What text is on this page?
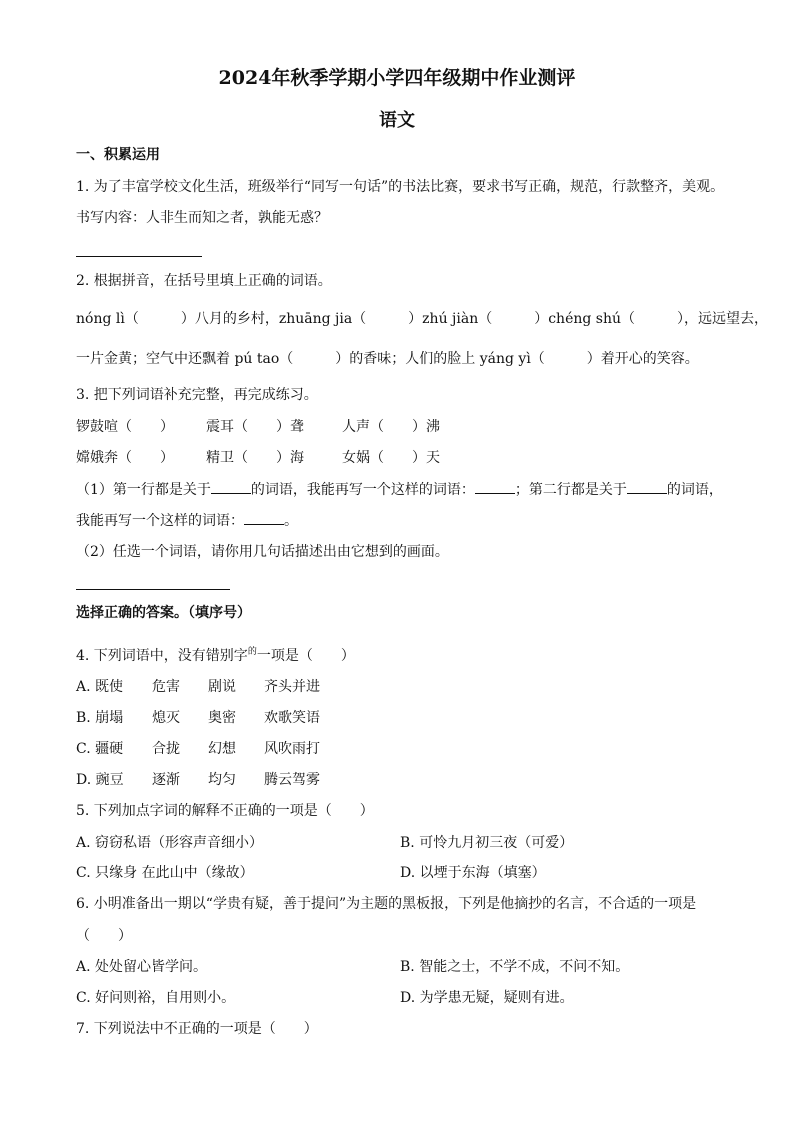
2024年秋季学期小学四年级期中作业测评
语文
一、积累运用
1. 为了丰富学校文化生活，班级举行“同写一句话”的书法比赛，要求书写正确，规范，行款整齐，美观。
书写内容：人非生而知之者，孰能无惑？
2. 根据拼音，在括号里填上正确的词语。
nóng lì（　　　）八月的乡村，zhuāng jia（　　　）zhú jiàn（　　　）chéng shú（　　　），远远望去，
一片金黄；空气中还飘着 pú tao（　　　）的香味；人们的脸上 yáng yì（　　　）着开心的笑容。
3. 把下列词语补充完整，再完成练习。
锣鼓喧（　　） 震耳（　　）聋	人声（　　）沸
嫦娥奔（　　） 精卫（　　）海	女娲（　　）天
（1）第一行都是关于	的词语，我能再写一个这样的词语：	；第二行都是关于	的词语，
我能再写一个这样的词语：	。
（2）任选一个词语，请你用几句话描述出由它想到的画面。
选择正确的答案。（填序号）
4. 下列词语中，没有错别字$^的$一项是（　　）
A. 既使 危害 剧说 齐头并进
B. 崩塌 熄灭 奥密 欢歌笑语
C. 疆硬 合拢 幻想 风吹雨打
D. 豌豆 逐渐 均匀 腾云驾雾
5. 下列加点字词的解释不正确的一项是（　　）
A. 窃窃私语（形容声音细小）	B. 可怜九月初三夜（可爱）
C. 只缘身 在此山中（缘故）	D. 以堙于东海（填塞）
6. 小明准备出一期以“学贵有疑，善于提问”为主题的黑板报，下列是他摘抄的名言，不合适的一项是
（　　）
A. 处处留心皆学问。	B. 智能之士，不学不成，不问不知。
C. 好问则裕，自用则小。	D. 为学患无疑，疑则有进。
7. 下列说法中不正确的一项是（　　）
